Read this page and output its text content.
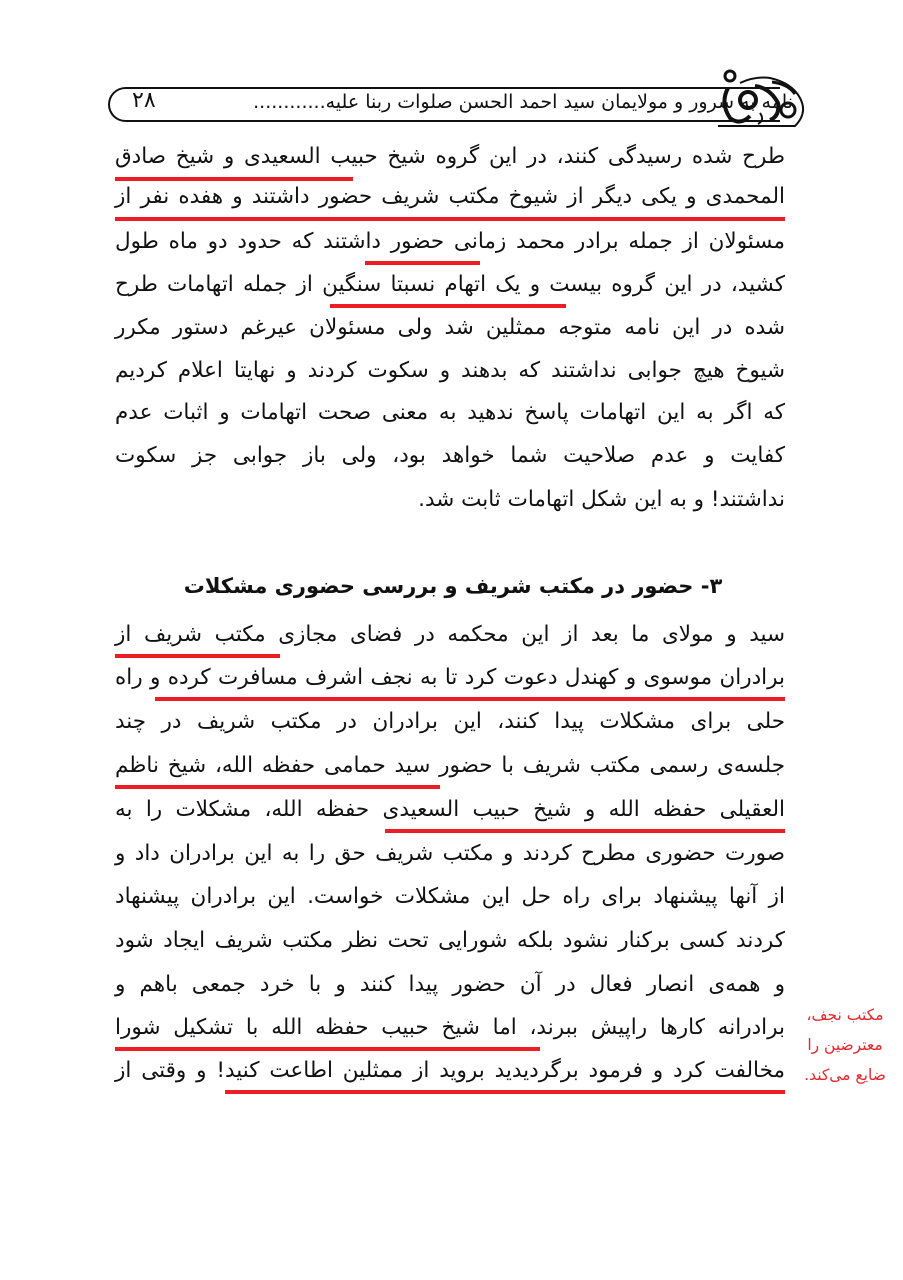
نامه به سرور و مولایمان سید احمد الحسن صلوات ربنا علیه............
۲۸
طرح شده رسیدگی کنند، در این گروه شیخ حبیب السعیدی و شیخ صادق
المحمدی و یکی دیگر از شیوخ مکتب شریف حضور داشتند و هفده نفر از
مسئولان از جمله برادر محمد زمانی حضور داشتند که حدود دو ماه طول
کشید، در این گروه بیست و یک اتهام نسبتا سنگین از جمله اتهامات طرح
شده در این نامه متوجه ممثلین شد ولی مسئولان عیرغم دستور مکرر
شیوخ هیچ جوابی نداشتند که بدهند و سکوت کردند و نهایتا اعلام کردیم
که اگر به این اتهامات پاسخ ندهید به معنی صحت اتهامات و اثبات عدم
کفایت و عدم صلاحیت شما خواهد بود، ولی باز جوابی جز سکوت
نداشتند! و به این شکل اتهامات ثابت شد.
۳- حضور در مکتب شریف و بررسی حضوری مشکلات
سید و مولای ما بعد از این محکمه در فضای مجازی مکتب شریف از
برادران موسوی و کهندل دعوت کرد تا به نجف اشرف مسافرت کرده و راه
حلی برای مشکلات پیدا کنند، این برادران در مکتب شریف در چند
جلسه‌ی رسمی مکتب شریف با حضور سید حمامی حفظه الله، شیخ ناظم
العقیلی حفظه الله و شیخ حبیب السعیدی حفظه الله، مشکلات را به
صورت حضوری مطرح کردند و مکتب شریف حق را به این برادران داد و
از آنها پیشنهاد برای راه حل این مشکلات خواست. این برادران پیشنهاد
کردند کسی برکنار نشود بلکه شورایی تحت نظر مکتب شریف ایجاد شود
و همه‌ی انصار فعال در آن حضور پیدا کنند و با خرد جمعی باهم و
برادرانه کارها راپیش ببرند، اما شیخ حبیب حفظه الله با تشکیل شورا
مخالفت کرد و فرمود برگردیدید بروید از ممثلین اطاعت کنید! و وقتی از
مکتب نجف،
معترضین را
ضایع می‌کند.
